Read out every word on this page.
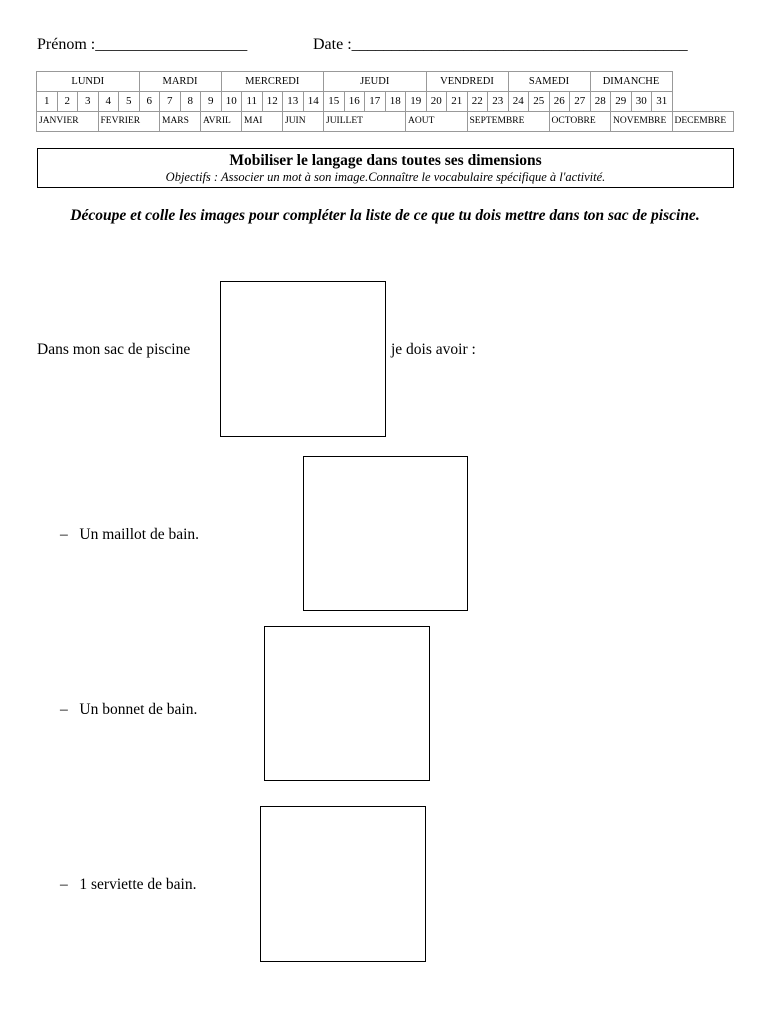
Prénom :___________________	Date :__________________________________________
LUNDI					MARDI				MERCREDI					JEUDI					VENDREDI				SAMEDI				DIMANCHE				
1	2	3	4	5	6	7	8	9	10	11	12	13	14	15	16	17	18	19	20	21	22	23	24	25	26	27	28	29	30	31	
JANVIER			FEVRIER			MARS		AVRIL		MAI		JUIN		JUILLET				AOUT			SEPTEMBRE				OCTOBRE			NOVEMBRE			DECEMBRE
Mobiliser le langage dans toutes ses dimensions
Objectifs : Associer un mot à son image.Connaître le vocabulaire spécifique à l'activité.
Découpe et colle les images pour compléter la liste de ce que tu dois mettre dans ton sac de piscine.
Dans mon sac de piscine	je dois avoir :
– Un maillot de bain.
– Un bonnet de bain.
– 1 serviette de bain.
